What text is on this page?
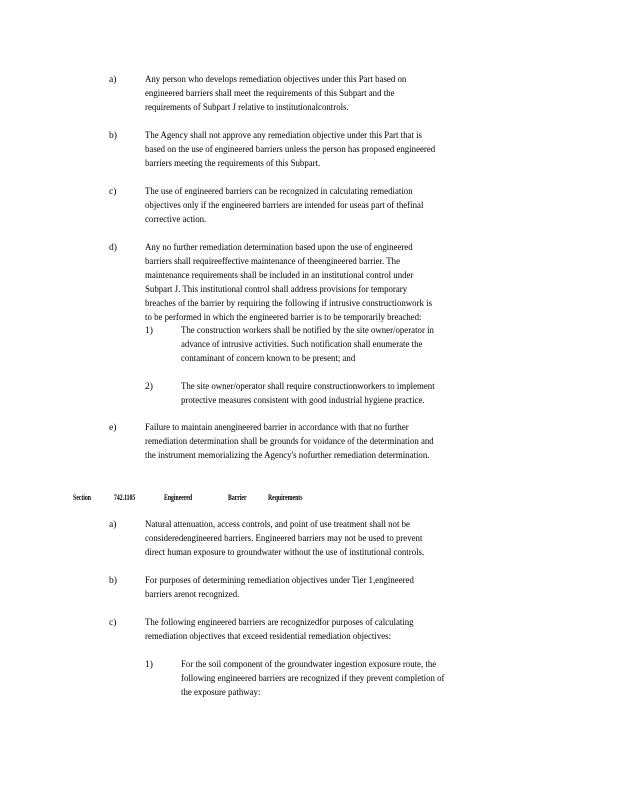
a)	Any person who develops remediation objectives under this Part based on
engineered barriers shall meet the requirements of this Subpart and the
requirements of Subpart J relative to institutionalcontrols.
b)	The Agency shall not approve any remediation objective under this Part that is
based on the use of engineered barriers unless the person has proposed engineered
barriers meeting the requirements of this Subpart.
c)	The use of engineered barriers can be recognized in calculating remediation
objectives only if the engineered barriers are intended for useas part of thefinal
corrective action.
d)	Any no further remediation determination based upon the use of engineered
barriers shall requireeffective maintenance of theengineered barrier. The
maintenance requirements shall be included in an institutional control under
Subpart J. This institutional control shall address provisions for temporary
breaches of the barrier by requiring the following if intrusive constructionwork is
to be performed in which the engineered barrier is to be temporarily breached:
1)	The construction workers shall be notified by the site owner/operator in
advance of intrusive activities. Such notification shall enumerate the
contaminant of concern known to be present; and
2)	The site owner/operator shall require constructionworkers to implement
protective measures consistent with good industrial hygiene practice.
e)	Failure to maintain anengineered barrier in accordance with that no further
remediation determination shall be grounds for voidance of the determination and
the instrument memorializing the Agency's nofurther remediation determination.
Section	742.1105	Engineered	Barrier	Requirements
a)	Natural attenuation, access controls, and point of use treatment shall not be
consideredengineered barriers. Engineered barriers may not be used to prevent
direct human exposure to groundwater without the use of institutional controls.
b)	For purposes of determining remediation objectives under Tier 1,engineered
barriers arenot recognized.
c)	The following engineered barriers are recognizedfor purposes of calculating
remediation objectives that exceed residential remediation objectives:
1)	For the soil component of the groundwater ingestion exposure route, the
following engineered barriers are recognized if they prevent completion of
the exposure pathway:
